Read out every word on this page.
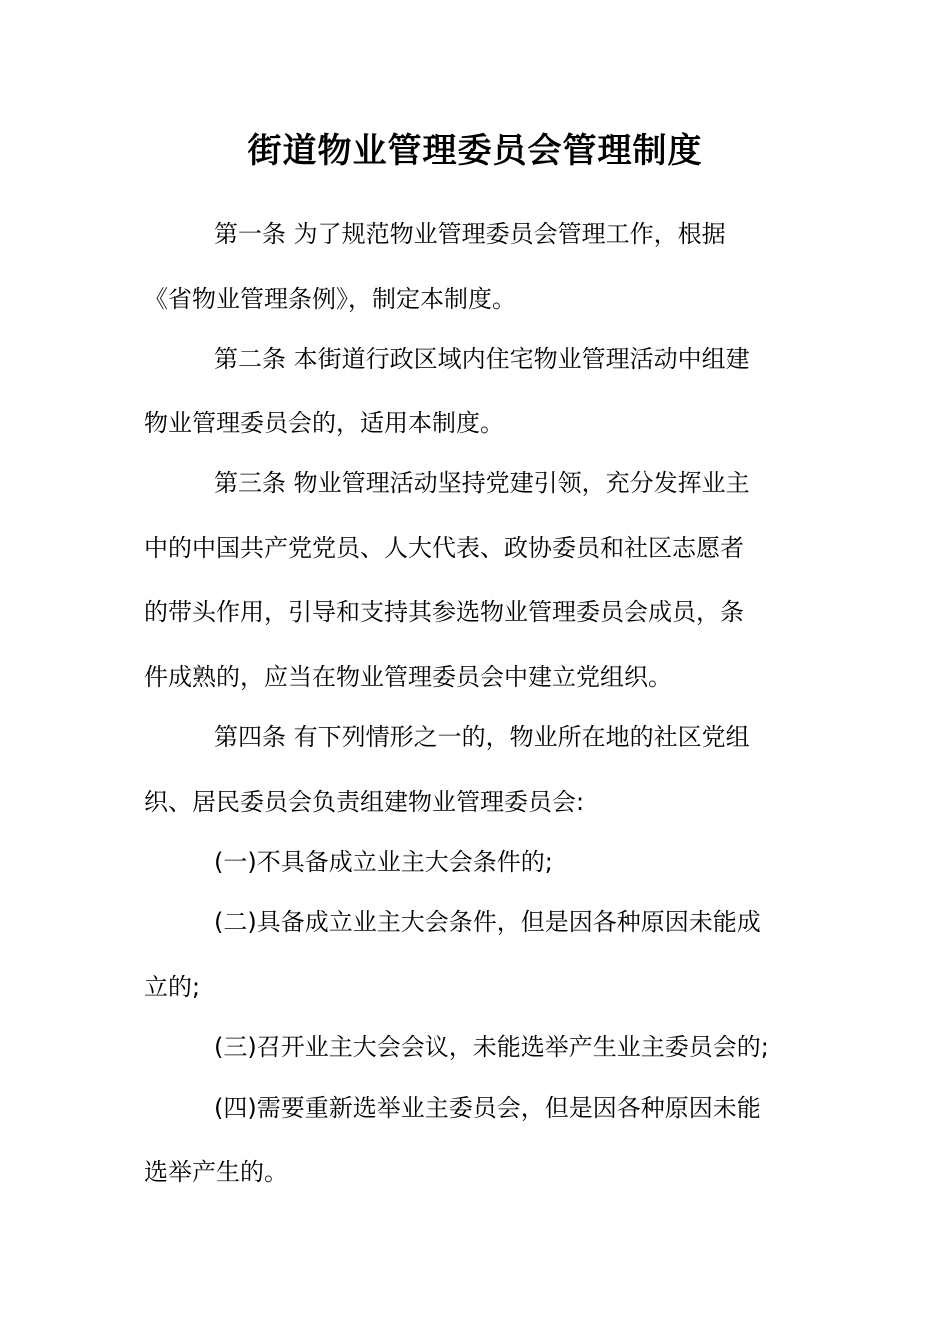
街道物业管理委员会管理制度
第一条 为了规范物业管理委员会管理工作，根据
《省物业管理条例》，制定本制度。
第二条 本街道行政区域内住宅物业管理活动中组建
物业管理委员会的，适用本制度。
第三条 物业管理活动坚持党建引领，充分发挥业主
中的中国共产党党员、人大代表、政协委员和社区志愿者
的带头作用，引导和支持其参选物业管理委员会成员，条
件成熟的，应当在物业管理委员会中建立党组织。
第四条 有下列情形之一的，物业所在地的社区党组
织、居民委员会负责组建物业管理委员会:
(一)不具备成立业主大会条件的;
(二)具备成立业主大会条件，但是因各种原因未能成
立的;
(三)召开业主大会会议，未能选举产生业主委员会的;
(四)需要重新选举业主委员会，但是因各种原因未能
选举产生的。
